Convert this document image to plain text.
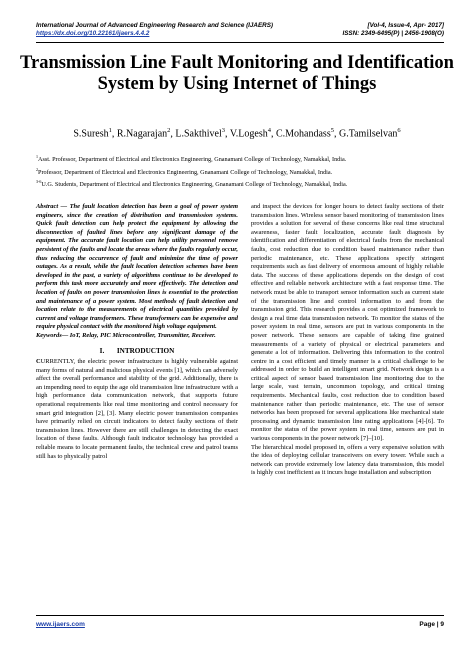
International Journal of Advanced Engineering Research and Science (IJAERS)	[Vol-4, Issue-4, Apr- 2017]
https://dx.doi.org/10.22161/ijaers.4.4.2	ISSN: 2349-6495(P) | 2456-1908(O)
Transmission Line Fault Monitoring and Identification System by Using Internet of Things
S.Suresh$^1$, R.Nagarajan$^2$, L.Sakthivel$^3$, V.Logesh$^4$, C.Mohandass$^5$, G.Tamilselvan$^6$
$^1$Asst. Professor, Department of Electrical and Electronics Engineering, Gnanamani College of Technology, Namakkal, India.
$^2$Professor, Department of Electrical and Electronics Engineering, Gnanamani College of Technology, Namakkal, India.
$^{3-6}$U.G. Students, Department of Electrical and Electronics Engineering, Gnanamani College of Technology, Namakkal, India.
Abstract — The fault location detection has been a goal of power system engineers, since the creation of distribution and transmission systems. Quick fault detection can help protect the equipment by allowing the disconnection of faulted lines before any significant damage of the equipment. The accurate fault location can help utility personnel remove persistent of the faults and locate the areas where the faults regularly occur, thus reducing the occurrence of fault and minimize the time of power outages. As a result, while the fault location detection schemes have been developed in the past, a variety of algorithms continue to be developed to perform this task more accurately and more effectively. The detection and location of faults on power transmission lines is essential to the protection and maintenance of a power system. Most methods of fault detection and location relate to the measurements of electrical quantities provided by current and voltage transformers. These transformers can be expensive and require physical contact with the monitored high voltage equipment.
Keywords— IoT, Relay, PIC Microcontroller, Transmitter, Receiver.
I.       INTRODUCTION
CURRENTLY, the electric power infrastructure is highly vulnerable against many forms of natural and malicious physical events [1], which can adversely affect the overall performance and stability of the grid. Additionally, there is an impending need to equip the age old transmission line infrastructure with a high performance data communication network, that supports future operational requirements like real time monitoring and control necessary for smart grid integration [2], [3]. Many electric power transmission companies have primarily relied on circuit indicators to detect faulty sections of their transmission lines. However there are still challenges in detecting the exact location of these faults. Although fault indicator technology has provided a reliable means to locate permanent faults, the technical crew and patrol teams still has to physically patrol

and inspect the devices for longer hours to detect faulty sections of their transmission lines. Wireless sensor based monitoring of transmission lines provides a solution for several of these concerns like real time structural awareness, faster fault localization, accurate fault diagnosis by identification and differentiation of electrical faults from the mechanical faults, cost reduction due to condition based maintenance rather than periodic maintenance, etc. These applications specify stringent requirements such as fast delivery of enormous amount of highly reliable data. The success of these applications depends on the design of cost effective and reliable network architecture with a fast response time. The network must be able to transport sensor information such as current state of the transmission line and control information to and from the transmission grid. This research provides a cost optimized framework to design a real time data transmission network. To monitor the status of the power system in real time, sensors are put in various components in the power network. These sensors are capable of taking fine grained measurements of a variety of physical or electrical parameters and generate a lot of information. Delivering this information to the control centre in a cost efficient and timely manner is a critical challenge to be addressed in order to build an intelligent smart grid. Network design is a critical aspect of sensor based transmission line monitoring due to the large scale, vast terrain, uncommon topology, and critical timing requirements. Mechanical faults, cost reduction due to condition based maintenance rather than periodic maintenance, etc. The use of sensor networks has been proposed for several applications like mechanical state processing and dynamic transmission line rating applications [4]-[6]. To monitor the status of the power system in real time, sensors are put in various components in the power network [7]–[10].

The hierarchical model proposed in, offers a very expensive solution with the idea of deploying cellular transceivers on every tower. While such a network can provide extremely low latency data transmission, this model is highly cost inefficient as it incurs huge installation and subscription

www.ijaers.com	Page | 9
